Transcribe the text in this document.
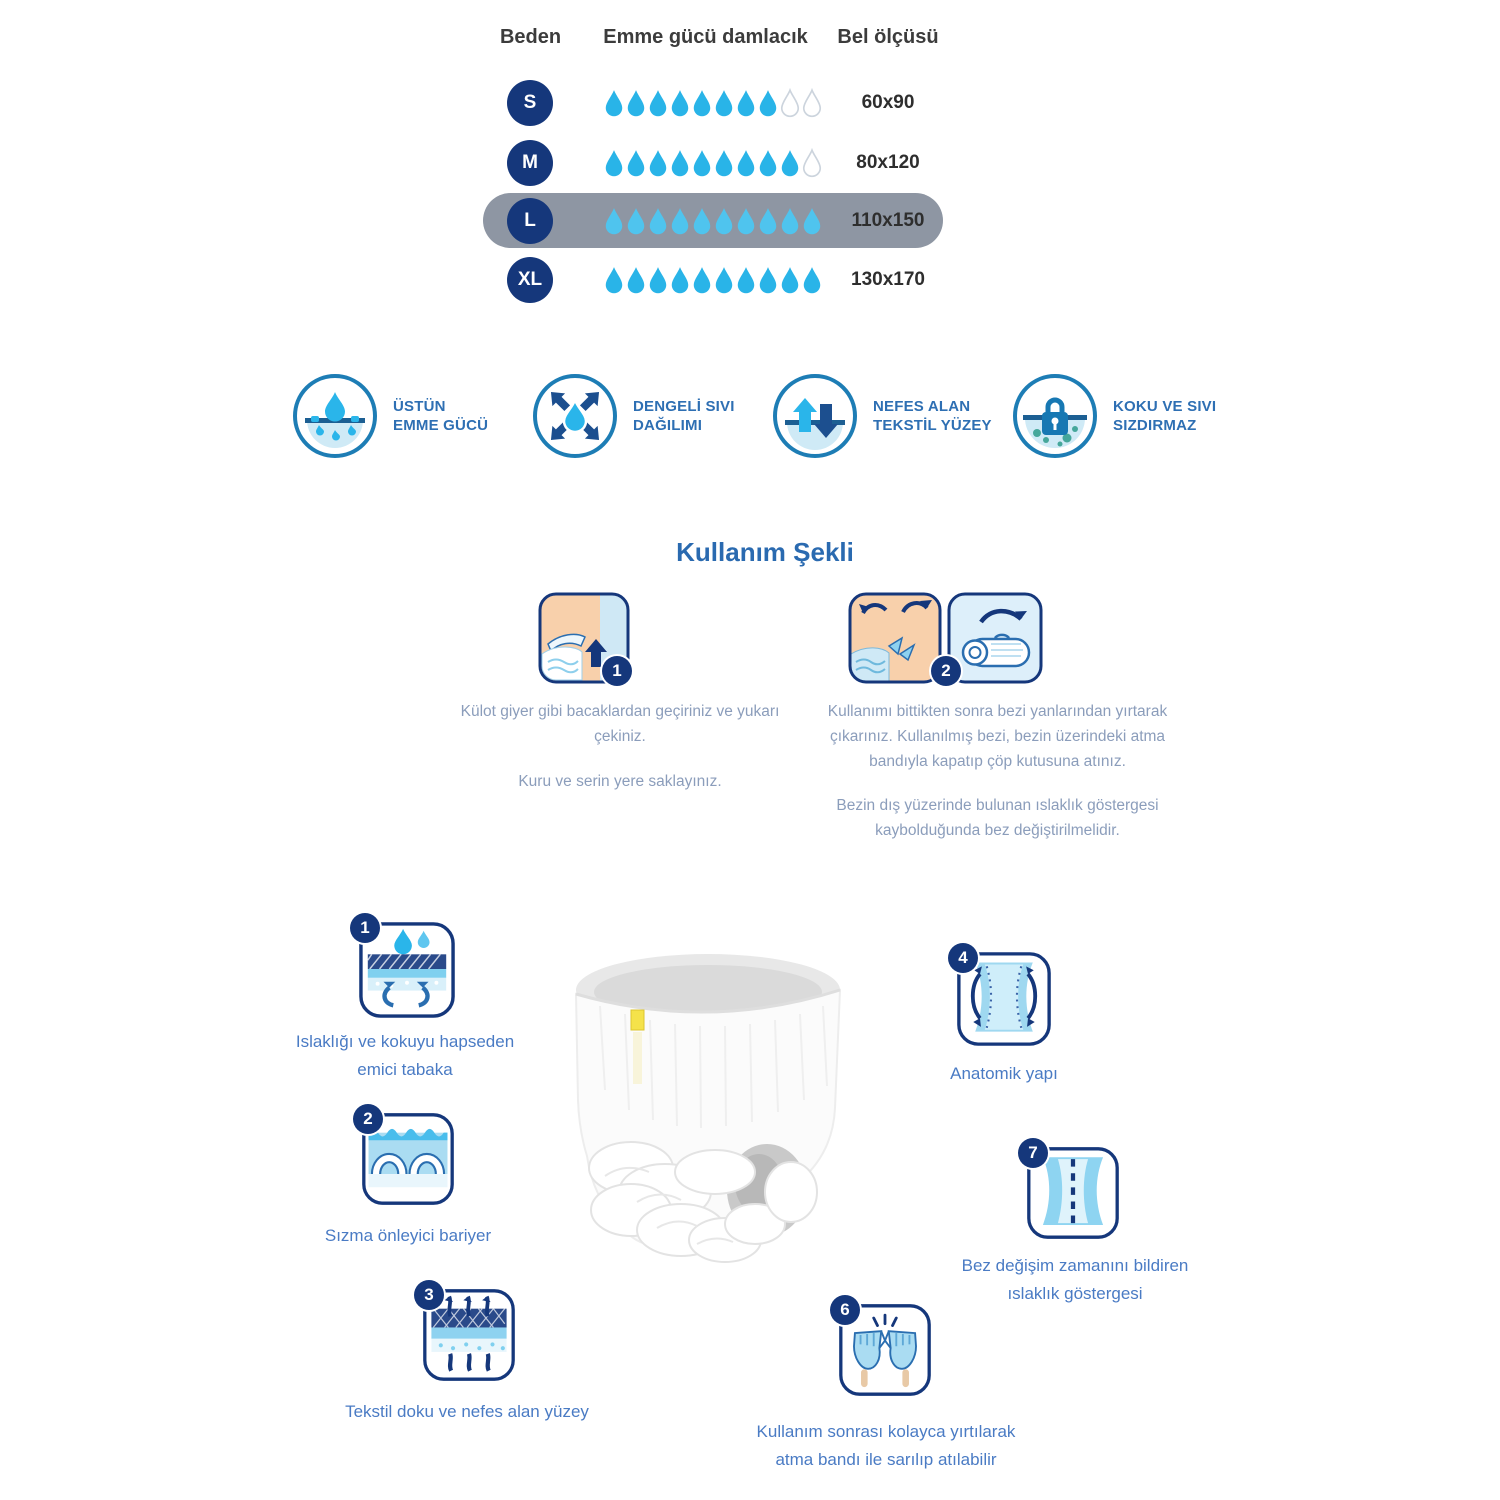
Beden	Emme gücü damlacık	Bel ölçüsü
S	60x90
M	80x120
L	110x150
XL	130x170
ÜSTÜN
EMME GÜCÜ
DENGELİ SIVI
DAĞILIMI
NEFES ALAN
TEKSTİL YÜZEY
KOKU VE SIVI
SIZDIRMAZ
Kullanım Şekli
1	2

Külot giyer gibi bacaklardan geçiriniz ve yukarı çekiniz.

Kuru ve serin yere saklayınız.

Kullanımı bittikten sonra bezi yanlarından yırtarak çıkarınız. Kullanılmış bezi, bezin üzerindeki atma bandıyla kapatıp çöp kutusuna atınız.

Bezin dış yüzerinde bulunan ıslaklık göstergesi kaybolduğunda bez değiştirilmelidir.

1
Islaklığı ve kokuyu hapseden emici tabaka
2
Sızma önleyici bariyer
3
Tekstil doku ve nefes alan yüzey
4
Anatomik yapı
7
Bez değişim zamanını bildiren ıslaklık göstergesi
6
Kullanım sonrası kolayca yırtılarak atma bandı ile sarılıp atılabilir
